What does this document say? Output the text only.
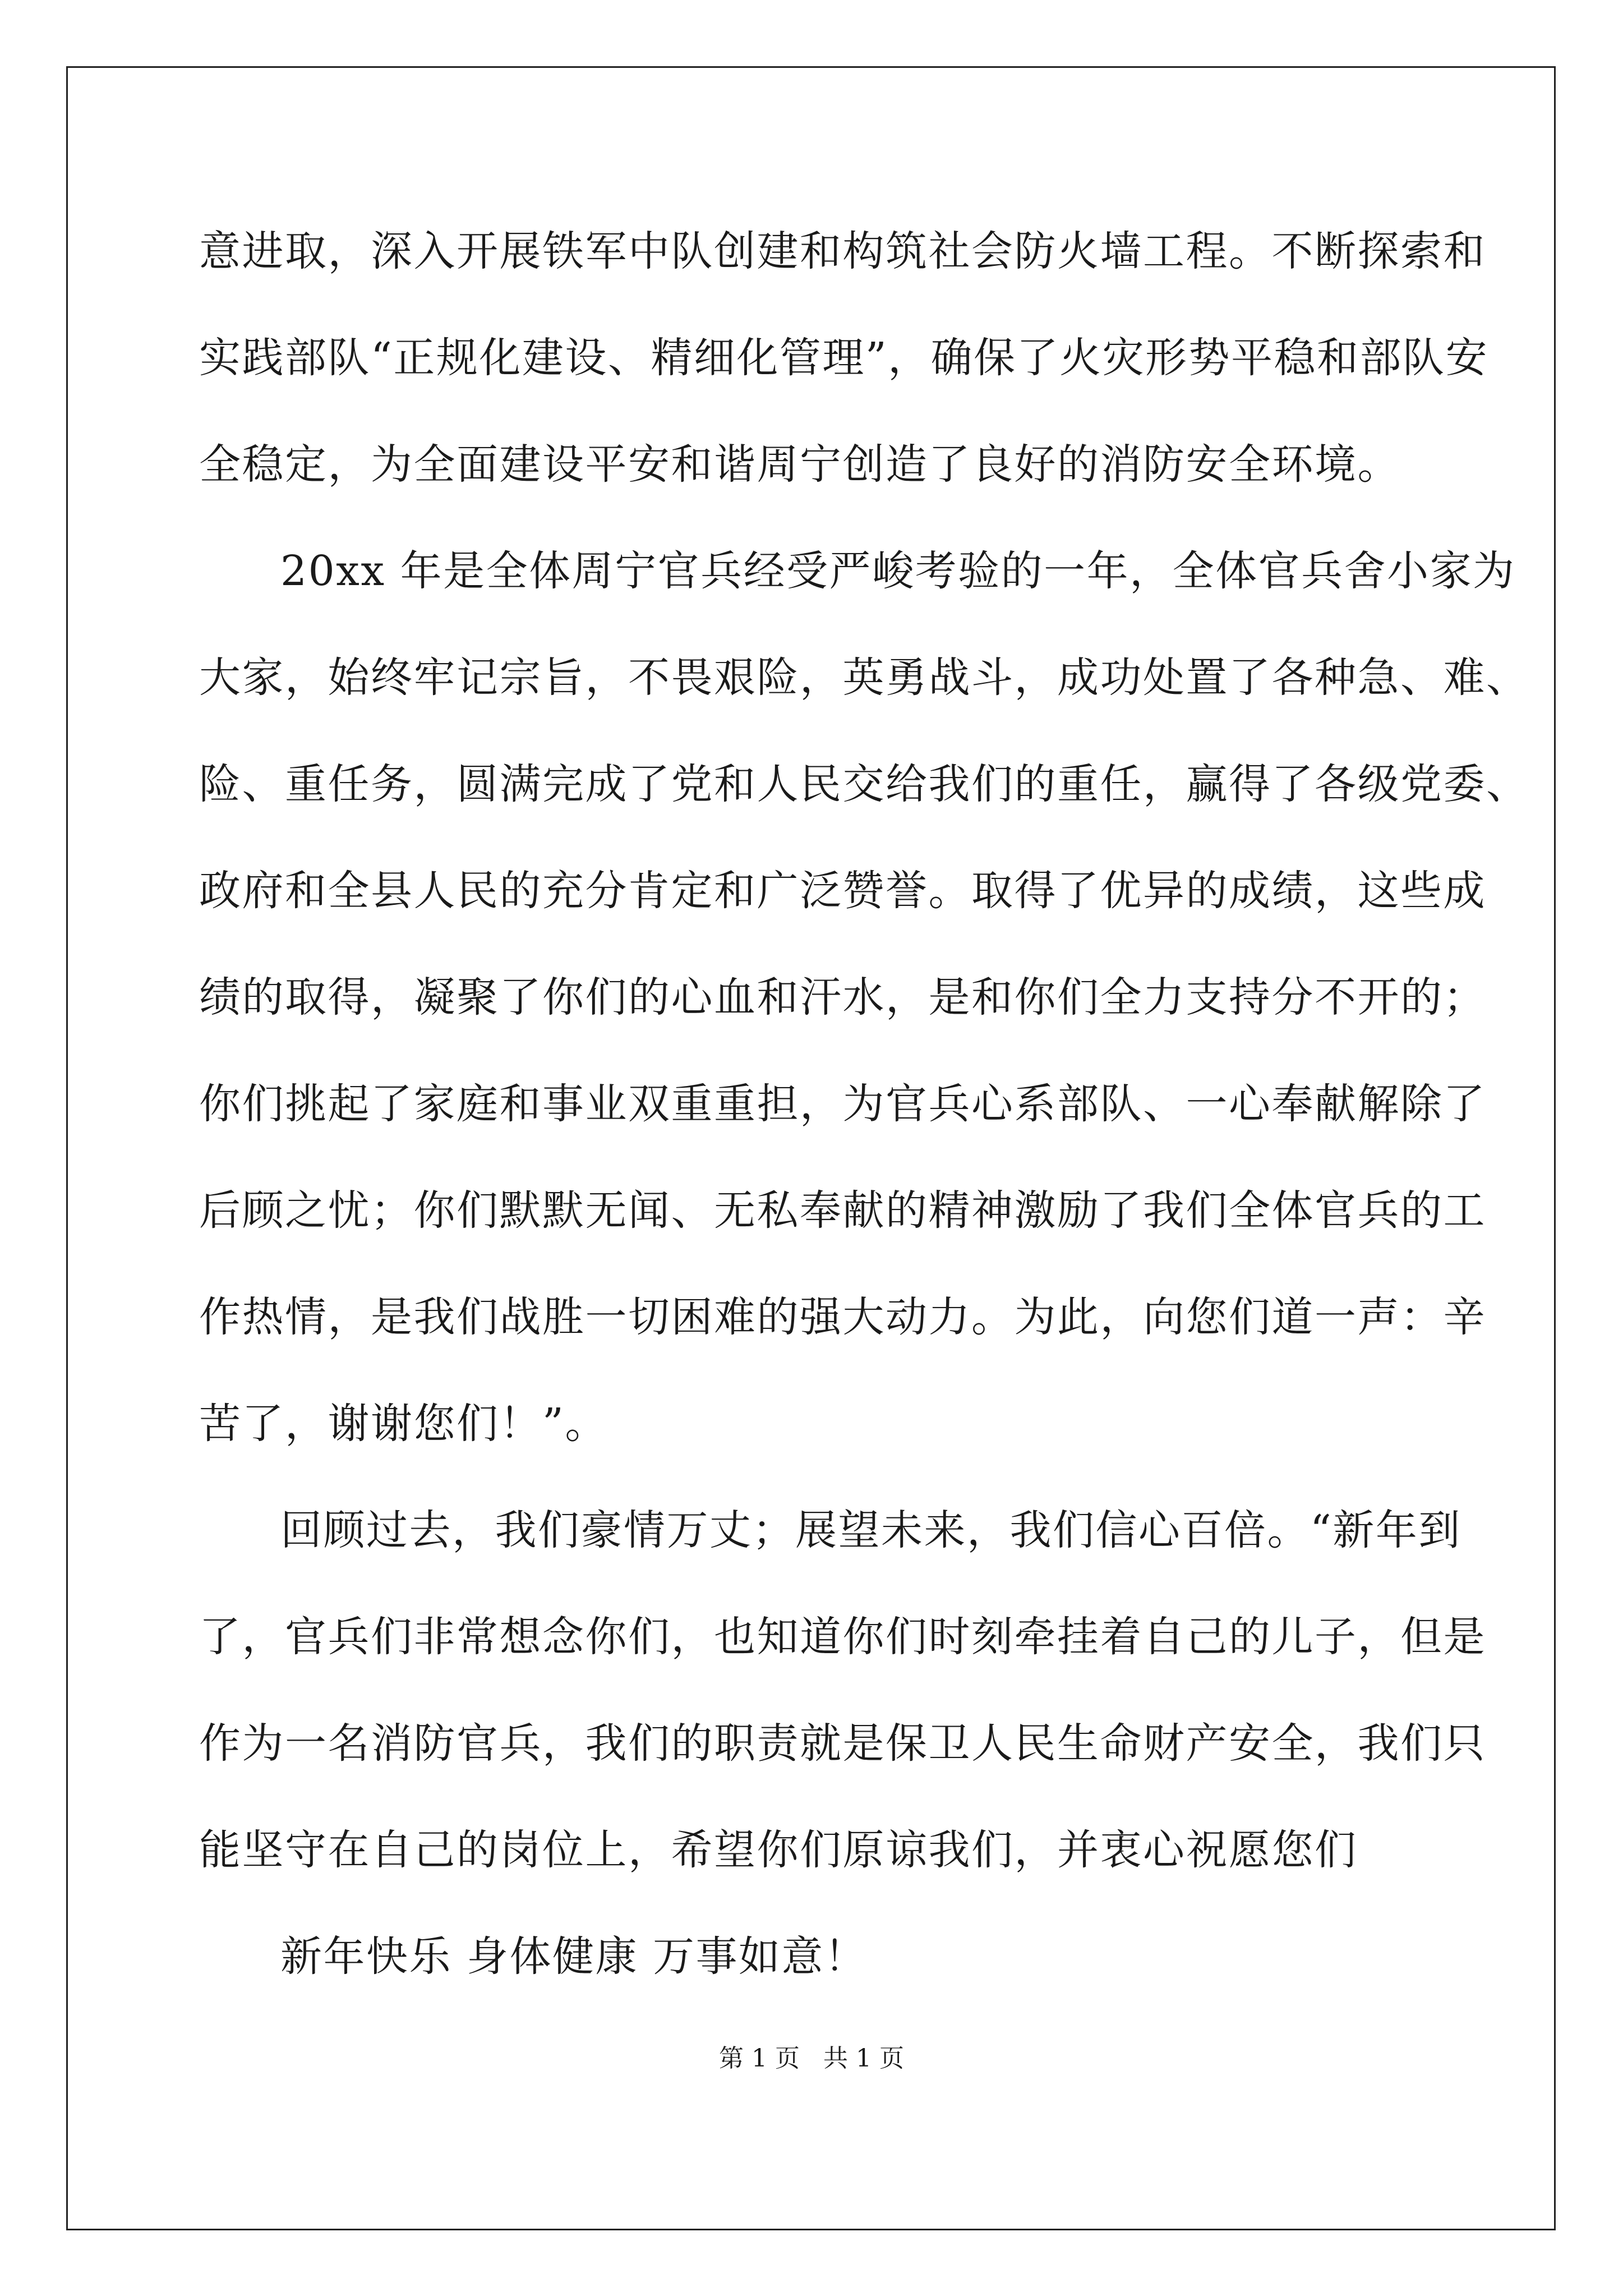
意进取，深入开展铁军中队创建和构筑社会防火墙工程。不断探索和
实践部队“正规化建设、精细化管理”，确保了火灾形势平稳和部队安
全稳定，为全面建设平安和谐周宁创造了良好的消防安全环境。
20xx 年是全体周宁官兵经受严峻考验的一年，全体官兵舍小家为
大家，始终牢记宗旨，不畏艰险，英勇战斗，成功处置了各种急、难、
险、重任务，圆满完成了党和人民交给我们的重任，赢得了各级党委、
政府和全县人民的充分肯定和广泛赞誉。取得了优异的成绩，这些成
绩的取得，凝聚了你们的心血和汗水，是和你们全力支持分不开的；
你们挑起了家庭和事业双重重担，为官兵心系部队、一心奉献解除了
后顾之忧；你们默默无闻、无私奉献的精神激励了我们全体官兵的工
作热情，是我们战胜一切困难的强大动力。为此，向您们道一声：辛
苦了，谢谢您们！”。
回顾过去，我们豪情万丈；展望未来，我们信心百倍。“新年到
了，官兵们非常想念你们，也知道你们时刻牵挂着自己的儿子，但是
作为一名消防官兵，我们的职责就是保卫人民生命财产安全，我们只
能坚守在自己的岗位上，希望你们原谅我们，并衷心祝愿您们
新年快乐 身体健康 万事如意！
第 1 页   共 1 页
